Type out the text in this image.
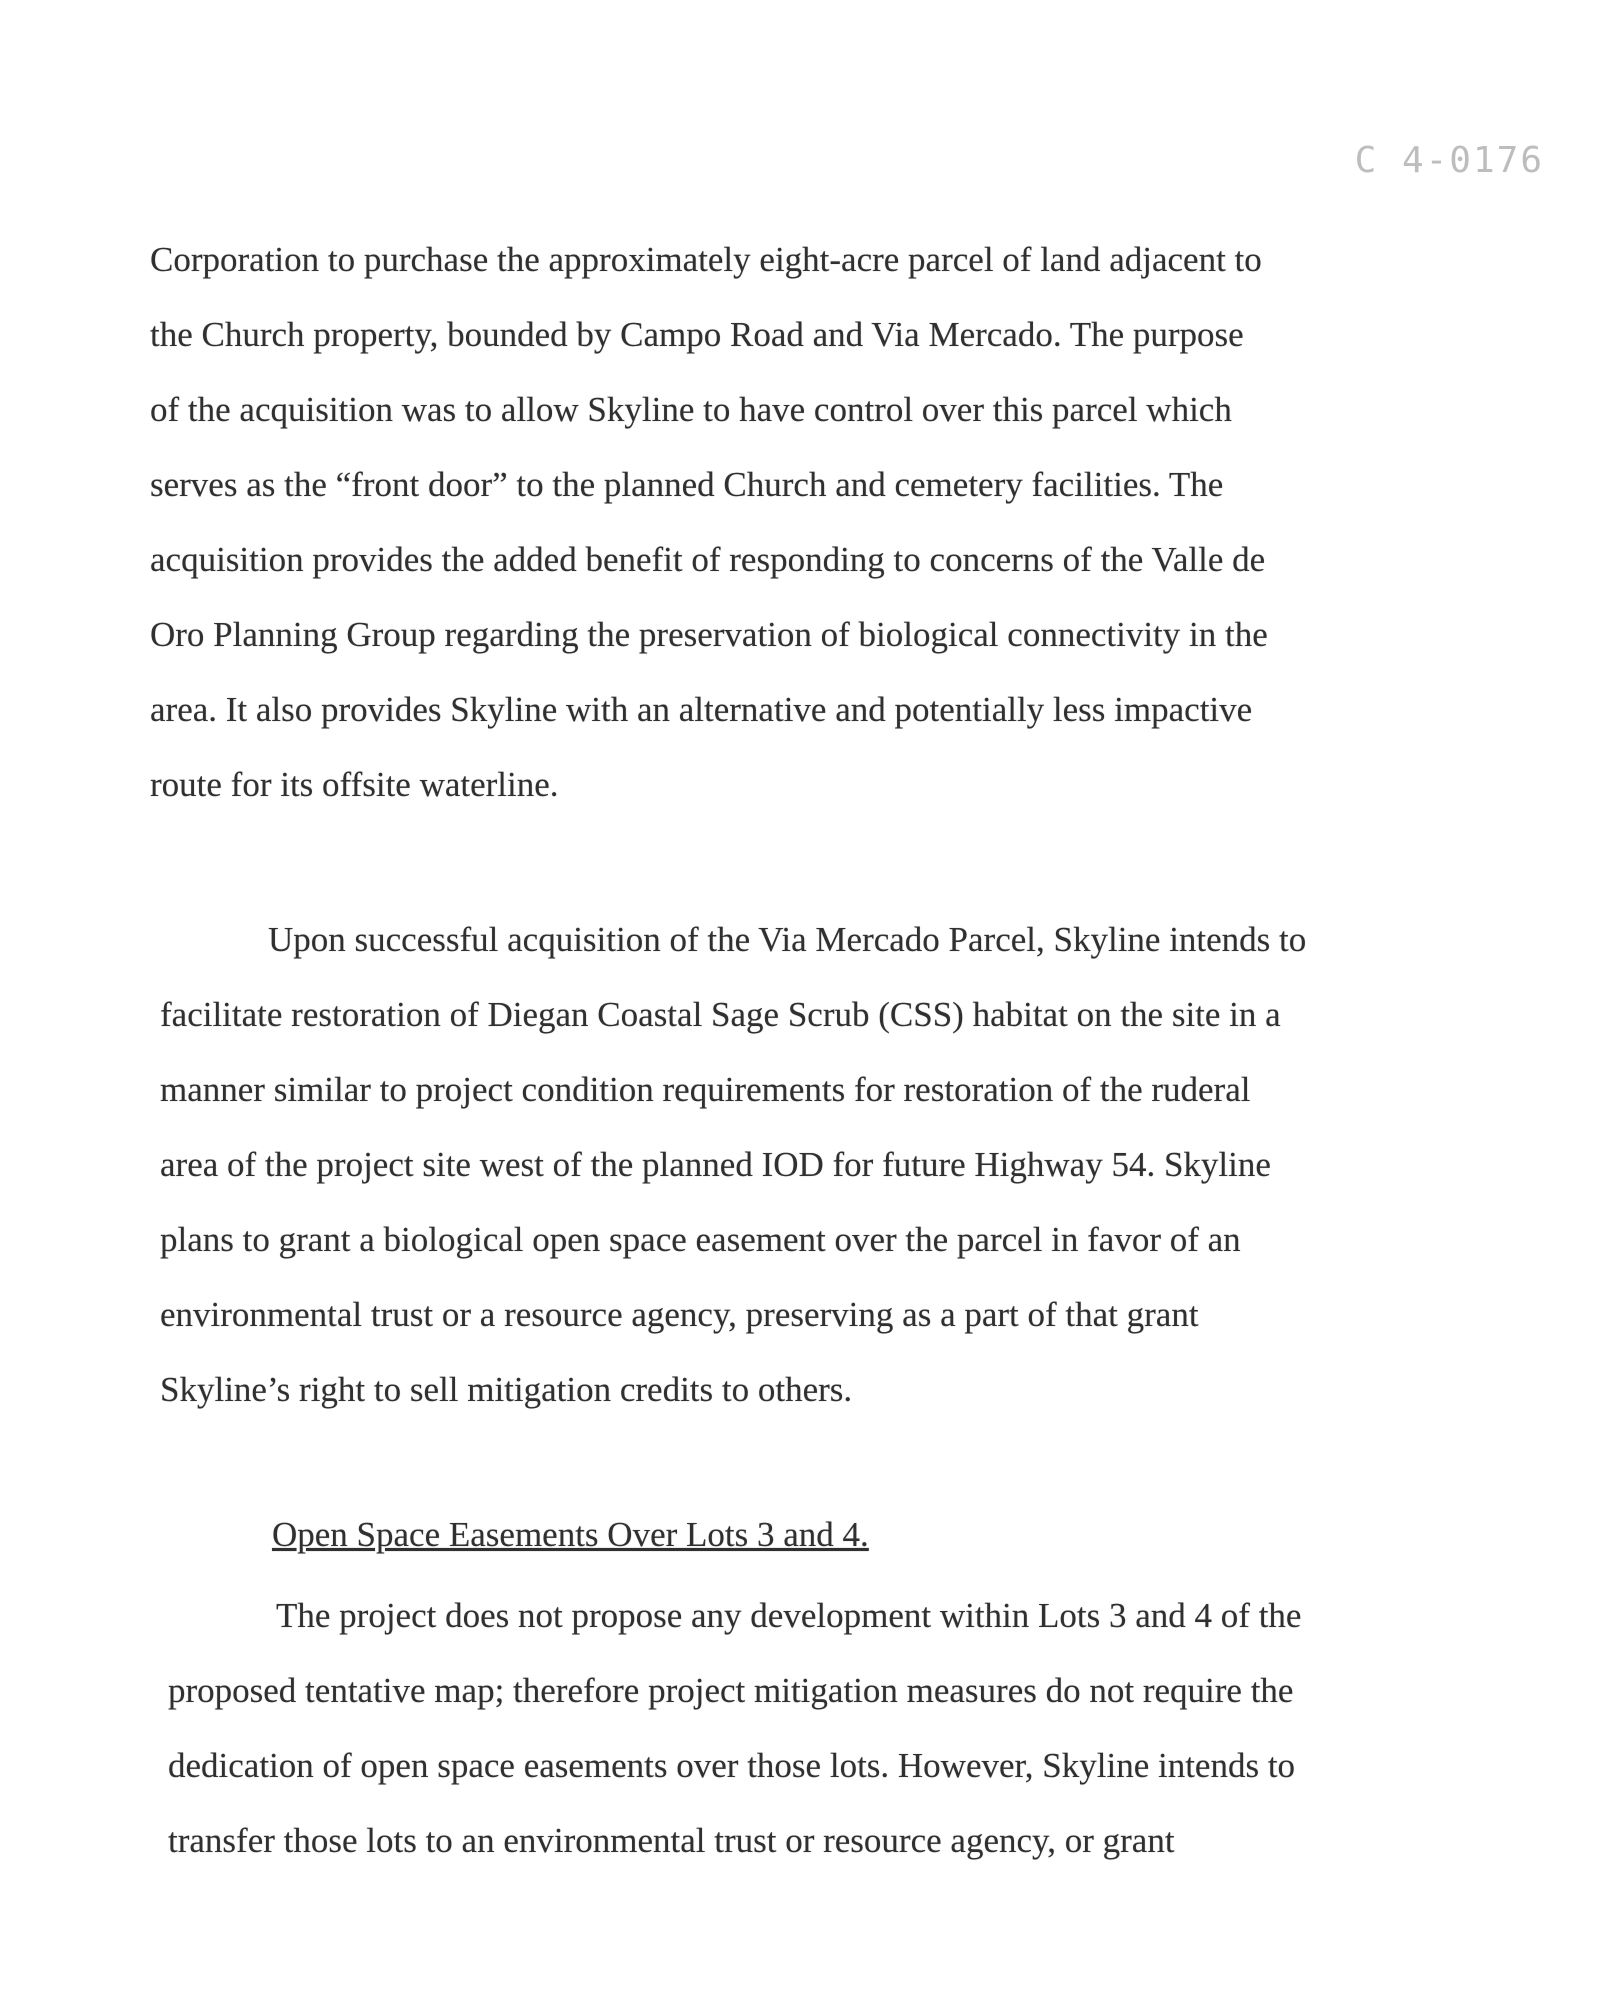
C 4-0176

Corporation to purchase the approximately eight-acre parcel of land adjacent to
the Church property, bounded by Campo Road and Via Mercado. The purpose
of the acquisition was to allow Skyline to have control over this parcel which
serves as the “front door” to the planned Church and cemetery facilities. The
acquisition provides the added benefit of responding to concerns of the Valle de
Oro Planning Group regarding the preservation of biological connectivity in the
area. It also provides Skyline with an alternative and potentially less impactive
route for its offsite waterline.

Upon successful acquisition of the Via Mercado Parcel, Skyline intends to
facilitate restoration of Diegan Coastal Sage Scrub (CSS) habitat on the site in a
manner similar to project condition requirements for restoration of the ruderal
area of the project site west of the planned IOD for future Highway 54. Skyline
plans to grant a biological open space easement over the parcel in favor of an
environmental trust or a resource agency, preserving as a part of that grant
Skyline’s right to sell mitigation credits to others.

Open Space Easements Over Lots 3 and 4.

The project does not propose any development within Lots 3 and 4 of the
proposed tentative map; therefore project mitigation measures do not require the
dedication of open space easements over those lots. However, Skyline intends to
transfer those lots to an environmental trust or resource agency, or grant
